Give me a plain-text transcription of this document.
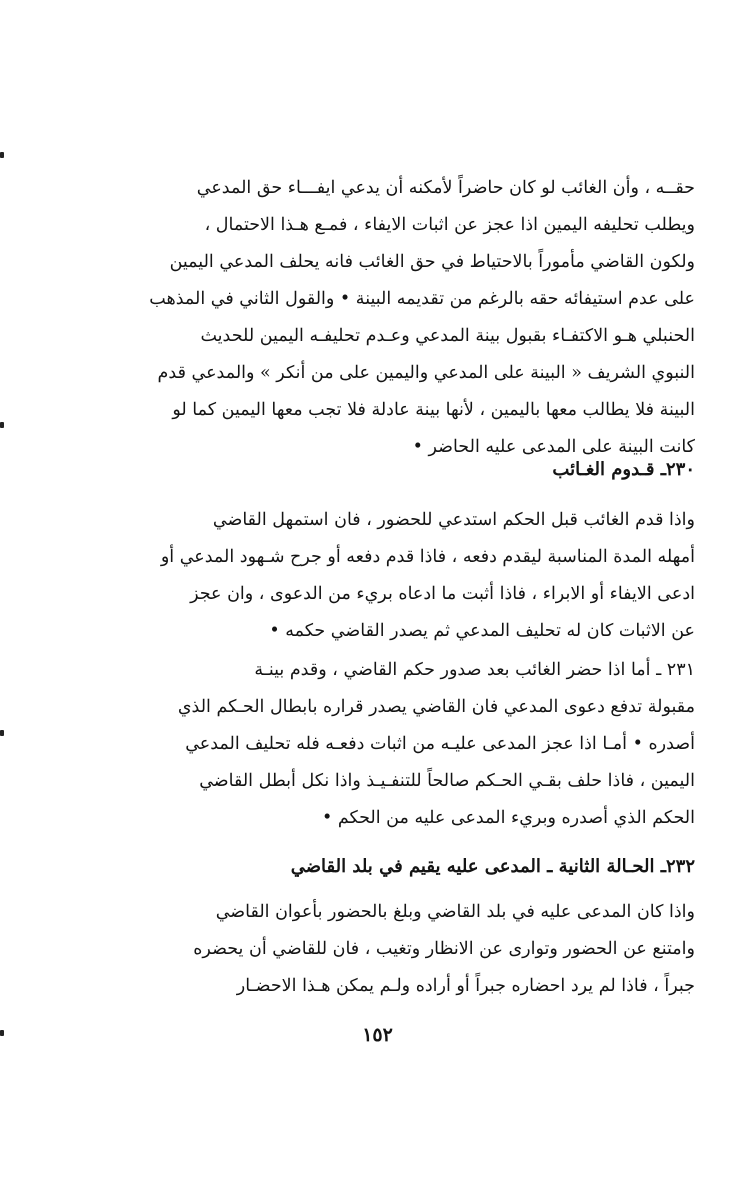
حقــه ، وأن الغائب لو كان حاضراً لأمكنه أن يدعي ايفـــاء حق المدعي
ويطلب تحليفه اليمين اذا عجز عن اثبات الايفاء ، فمـع هـذا الاحتمال ،
ولكون القاضي مأموراً بالاحتياط في حق الغائب فانه يحلف المدعي اليمين
على عدم استيفائه حقه بالرغم من تقديمه البينة • والقول الثاني في المذهب
الحنبلي هـو الاكتفـاء بقبول بينة المدعي وعـدم تحليفـه اليمين للحديث
النبوي الشريف « البينة على المدعي واليمين على من أنكر » والمدعي قدم
البينة فلا يطالب معها باليمين ، لأنها بينة عادلة فلا تجب معها اليمين كما لو
كانت البينة على المدعى عليه الحاضر •
٢٣٠ـ قـدوم الغـائب
واذا قدم الغائب قبل الحكم استدعي للحضور ، فان استمهل القاضي
أمهله المدة المناسبة ليقدم دفعه ، فاذا قدم دفعه أو جرح شـهود المدعي أو
ادعى الايفاء أو الابراء ، فاذا أثبت ما ادعاه بريء من الدعوى ، وان عجز
عن الاثبات كان له تحليف المدعي ثم يصدر القاضي حكمه •
٢٣١ ـ أما اذا حضر الغائب بعد صدور حكم القاضي ، وقدم بينـة
مقبولة تدفع دعوى المدعي فان القاضي يصدر قراره بابطال الحـكم الذي
أصدره • أمـا اذا عجز المدعى عليـه من اثبات دفعـه فله تحليف المدعي
اليمين ، فاذا حلف بقـي الحـكم صالحاً للتنفـيـذ واذا نكل أبطل القاضي
الحكم الذي أصدره وبريء المدعى عليه من الحكم •
٢٣٢ـ الحـالة الثانية ـ المدعى عليه يقيم في بلد القاضي
واذا كان المدعى عليه في بلد القاضي وبلغ بالحضور بأعوان القاضي
وامتنع عن الحضور وتوارى عن الانظار وتغيب ، فان للقاضي أن يحضره
جبراً ، فاذا لم يرد احضاره جبراً أو أراده ولـم يمكن هـذا الاحضـار
١٥٢
